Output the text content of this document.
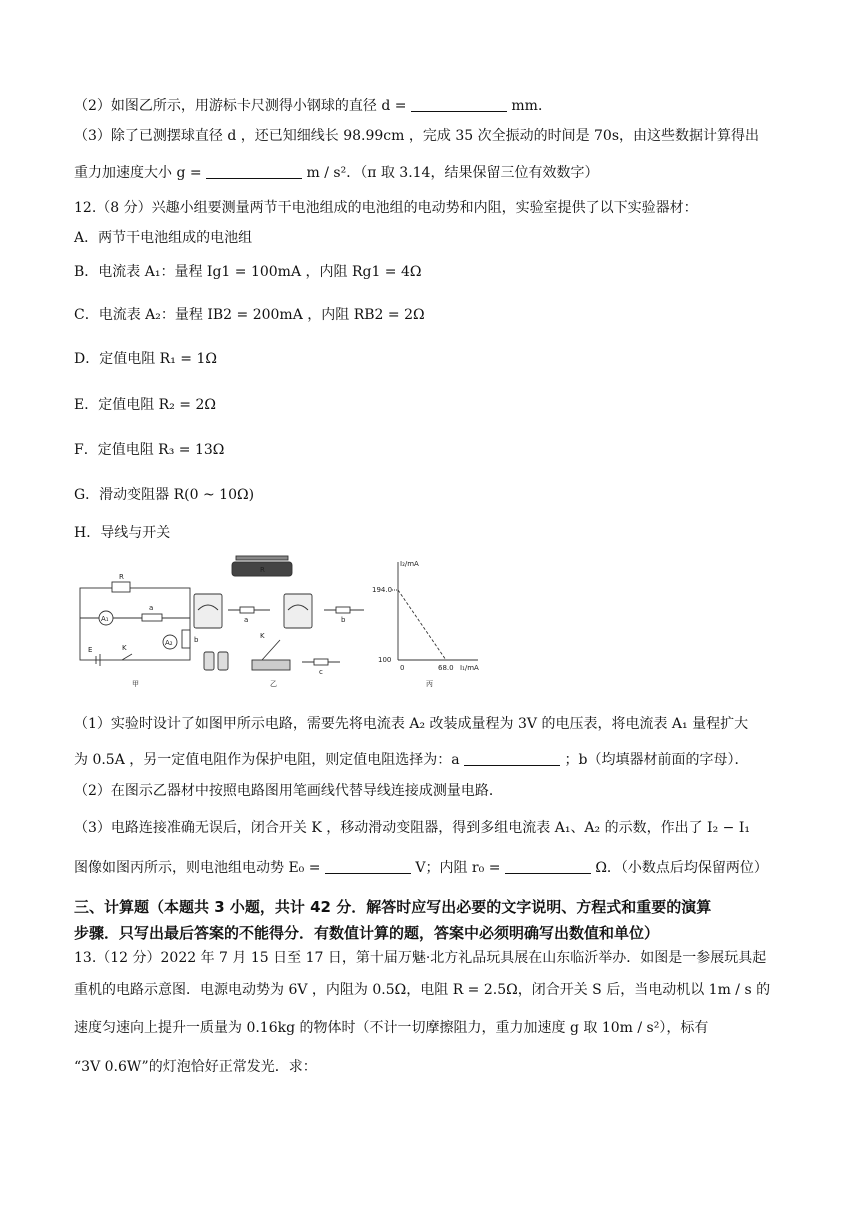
（2）如图乙所示，用游标卡尺测得小钢球的直径 d =	mm．
（3）除了已测摆球直径 d ，还已知细线长 98.99cm ，完成 35 次全振动的时间是 70s，由这些数据计算得出
重力加速度大小 g =	m / s²．（π 取 3.14，结果保留三位有效数字）
12.（8 分）兴趣小组要测量两节干电池组成的电池组的电动势和内阻，实验室提供了以下实验器材：
A．两节干电池组成的电池组
B．电流表 A₁：量程 Ig1 = 100mA ，内阻 Rg1 = 4Ω
C．电流表 A₂：量程 IB2 = 200mA ，内阻 RB2 = 2Ω
D．定值电阻 R₁ = 1Ω
E．定值电阻 R₂ = 2Ω
F．定值电阻 R₃ = 13Ω
G．滑动变阻器 R(0 ~ 10Ω)
H．导线与开关
R
a
b
A₁
A₂
E	K
甲
R
a	b
c
K
乙
I₂/mA
I₁/mA
194.0
100
0	68.0
丙
（1）实验时设计了如图甲所示电路，需要先将电流表 A₂ 改装成量程为 3V 的电压表，将电流表 A₁ 量程扩大
为 0.5A ，另一定值电阻作为保护电阻，则定值电阻选择为：a	；b（均填器材前面的字母）．
（2）在图示乙器材中按照电路图用笔画线代替导线连接成测量电路．
（3）电路连接准确无误后，闭合开关 K ，移动滑动变阻器，得到多组电流表 A₁、A₂ 的示数，作出了 I₂ − I₁
图像如图丙所示，则电池组电动势 E₀ =	V；内阻 r₀ =	Ω．（小数点后均保留两位）
三、计算题（本题共 3 小题，共计 42 分．解答时应写出必要的文字说明、方程式和重要的演算
步骤．只写出最后答案的不能得分．有数值计算的题，答案中必须明确写出数值和单位）
13.（12 分）2022 年 7 月 15 日至 17 日，第十届万魅·北方礼品玩具展在山东临沂举办．如图是一参展玩具起
重机的电路示意图．电源电动势为 6V ，内阻为 0.5Ω，电阻 R = 2.5Ω，闭合开关 S 后，当电动机以 1m / s 的
速度匀速向上提升一质量为 0.16kg 的物体时（不计一切摩擦阻力，重力加速度 g 取 10m / s²），标有
“3V 0.6W”的灯泡恰好正常发光．求：
